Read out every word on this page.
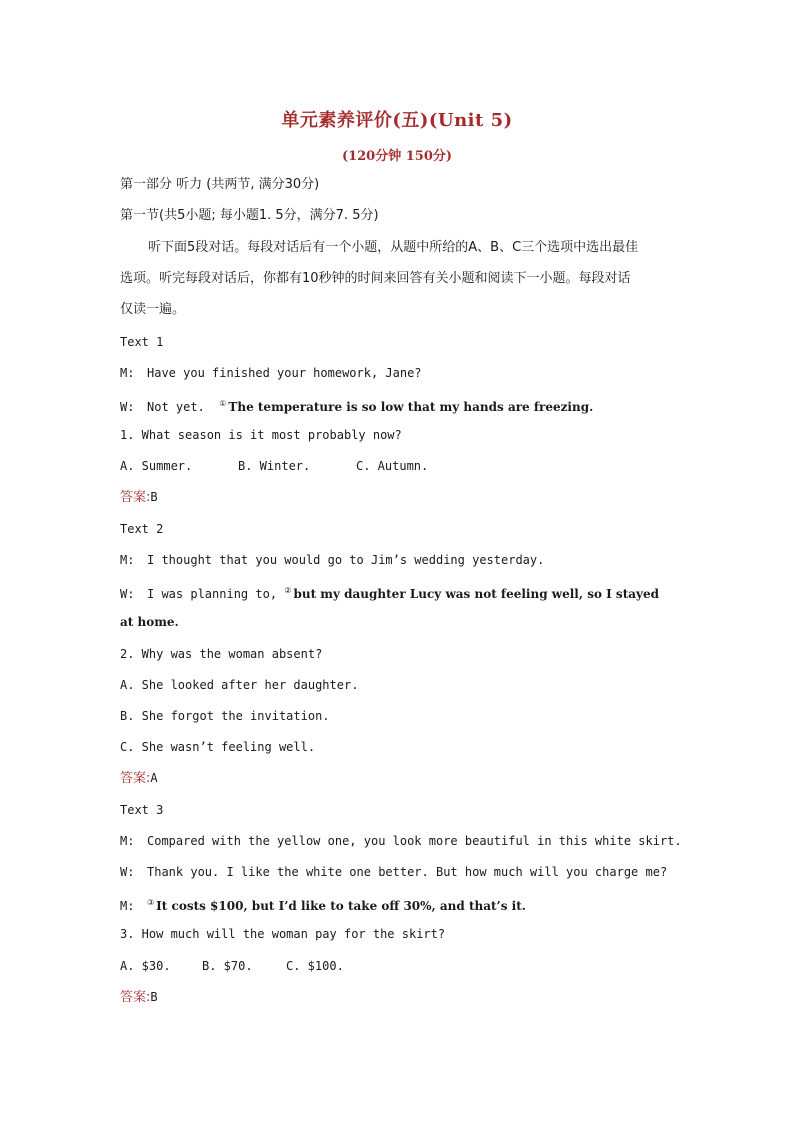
单元素养评价(五)(Unit 5)
(120分钟 150分)
第一部分 听力 (共两节, 满分30分)
第一节(共5小题; 每小题1. 5分，满分7. 5分)
听下面5段对话。每段对话后有一个小题，从题中所给的A、B、C三个选项中选出最佳
选项。听完每段对话后，你都有10秒钟的时间来回答有关小题和阅读下一小题。每段对话
仅读一遍。
Text 1
M: Have you finished your homework, Jane?
W: Not yet. ① The temperature is so low that my hands are freezing.
1. What season is it most probably now?
A. Summer.	B. Winter.	C. Autumn.
答案:B
Text 2
M: I thought that you would go to Jim’s wedding yesterday.
W: I was planning to, ② but my daughter Lucy was not feeling well, so I stayed
at home.
2. Why was the woman absent?
A. She looked after her daughter.
B. She forgot the invitation.
C. She wasn’t feeling well.
答案:A
Text 3
M: Compared with the yellow one, you look more beautiful in this white skirt.
W: Thank you. I like the white one better. But how much will you charge me?
M: ③ It costs $100, but I’d like to take off 30%, and that’s it.
3. How much will the woman pay for the skirt?
A. $30.	B. $70.	C. $100.
答案:B
